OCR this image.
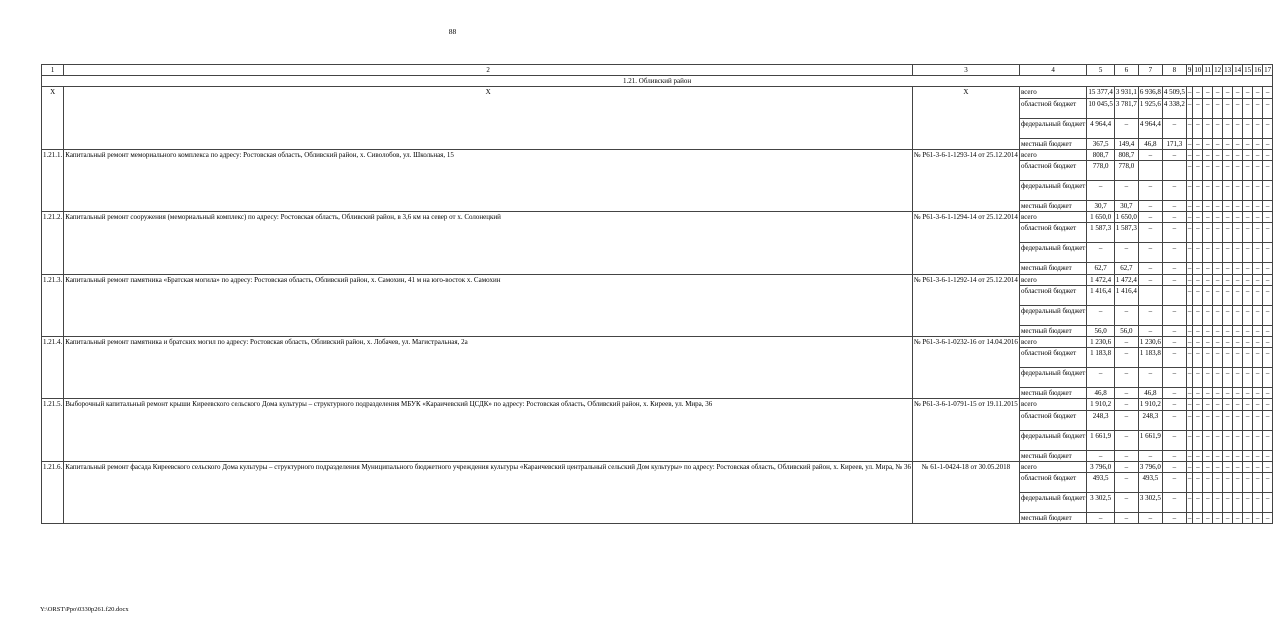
88
1	2	3	4	5	6	7	8	9	10	11	12	13	14	15	16	17
1.21. Обливский район																
Х	Х	Х	всего	15 377,4	3 931,1	6 936,8	4 509,5	–	–	–	–	–	–	–	–	–
			областной бюджет	10 045,5	3 781,7	1 925,6	4 338,2	–	–	–	–	–	–	–	–	–
			федеральный бюджет	4 964,4	–	4 964,4	–	–	–	–	–	–	–	–	–	–
			местный бюджет	367,5	149,4	46,8	171,3	–	–	–	–	–	–	–	–	–
1.21.1.	Капитальный ремонт мемориального комплекса по адресу: Ростовская область, Обливский район, х. Сиволобов, ул. Школьная, 15	№ Р61-3-6-1-1293-14 от 25.12.2014	всего	808,7	808,7	–	–	–	–	–	–	–	–	–	–	–
			областной бюджет	778,0	778,0			–	–	–	–	–	–	–	–	–
			федеральный бюджет	–	–	–	–	–	–	–	–	–	–	–	–	–
			местный бюджет	30,7	30,7	–	–	–	–	–	–	–	–	–	–	–
1.21.2.	Капитальный ремонт сооружения (мемориальный комплекс) по адресу: Ростовская область, Обливский район, в 3,6 км на север от х. Солонецкий	№ Р61-3-6-1-1294-14 от 25.12.2014	всего	1 650,0	1 650,0	–	–	–	–	–	–	–	–	–	–	–
			областной бюджет	1 587,3	1 587,3	–	–	–	–	–	–	–	–	–	–	–
			федеральный бюджет	–	–	–	–	–	–	–	–	–	–	–	–	–
			местный бюджет	62,7	62,7	–	–	–	–	–	–	–	–	–	–	–
1.21.3.	Капитальный ремонт памятника «Братская могила» по адресу: Ростовская область, Обливский район, х. Самохин, 41 м на юго-восток х. Самохин	№ Р61-3-6-1-1292-14 от 25.12.2014	всего	1 472,4	1 472,4	–	–	–	–	–	–	–	–	–	–	–
			областной бюджет	1 416,4	1 416,4			–	–	–	–	–	–	–	–	–
			федеральный бюджет	–	–	–	–	–	–	–	–	–	–	–	–	–
			местный бюджет	56,0	56,0	–	–	–	–	–	–	–	–	–	–	–
1.21.4.	Капитальный ремонт памятника и братских могил по адресу: Ростовская область, Обливский район, х. Лобачев, ул. Магистральная, 2а	№ Р61-3-6-1-0232-16 от 14.04.2016	всего	1 230,6	–	1 230,6	–	–	–	–	–	–	–	–	–	–
			областной бюджет	1 183,8	–	1 183,8	–	–	–	–	–	–	–	–	–	–
			федеральный бюджет	–	–	–	–	–	–	–	–	–	–	–	–	–
			местный бюджет	46,8	–	46,8	–	–	–	–	–	–	–	–	–	–
1.21.5.	Выборочный капитальный ремонт крыши Киреевского сельского Дома культуры – структурного подразделения МБУК «Караичевский ЦСДК» по адресу: Ростовская область, Обливский район, х. Киреев, ул. Мира, 36	№ Р61-3-6-1-0791-15 от 19.11.2015	всего	1 910,2	–	1 910,2	–	–	–	–	–	–	–	–	–	–
			областной бюджет	248,3	–	248,3	–	–	–	–	–	–	–	–	–	–
			федеральный бюджет	1 661,9	–	1 661,9	–	–	–	–	–	–	–	–	–	–
			местный бюджет	–	–	–	–	–	–	–	–	–	–	–	–	–
1.21.6.	Капитальный ремонт фасада Киреевского сельского Дома культуры – структурного подразделения Муниципального бюджетного учреждения культуры «Караичевский центральный сельский Дом культуры» по адресу: Ростовская область, Обливский район, х. Киреев, ул. Мира, № 36	№ 61-1-0424-18 от 30.05.2018	всего	3 796,0	–	3 796,0	–	–	–	–	–	–	–	–	–	–
			областной бюджет	493,5	–	493,5	–	–	–	–	–	–	–	–	–	–
			федеральный бюджет	3 302,5	–	3 302,5	–	–	–	–	–	–	–	–	–	–
			местный бюджет	–	–	–	–	–	–	–	–	–	–	–	–	–
Y:\ORST\Ppo\0330p261.f20.docx
